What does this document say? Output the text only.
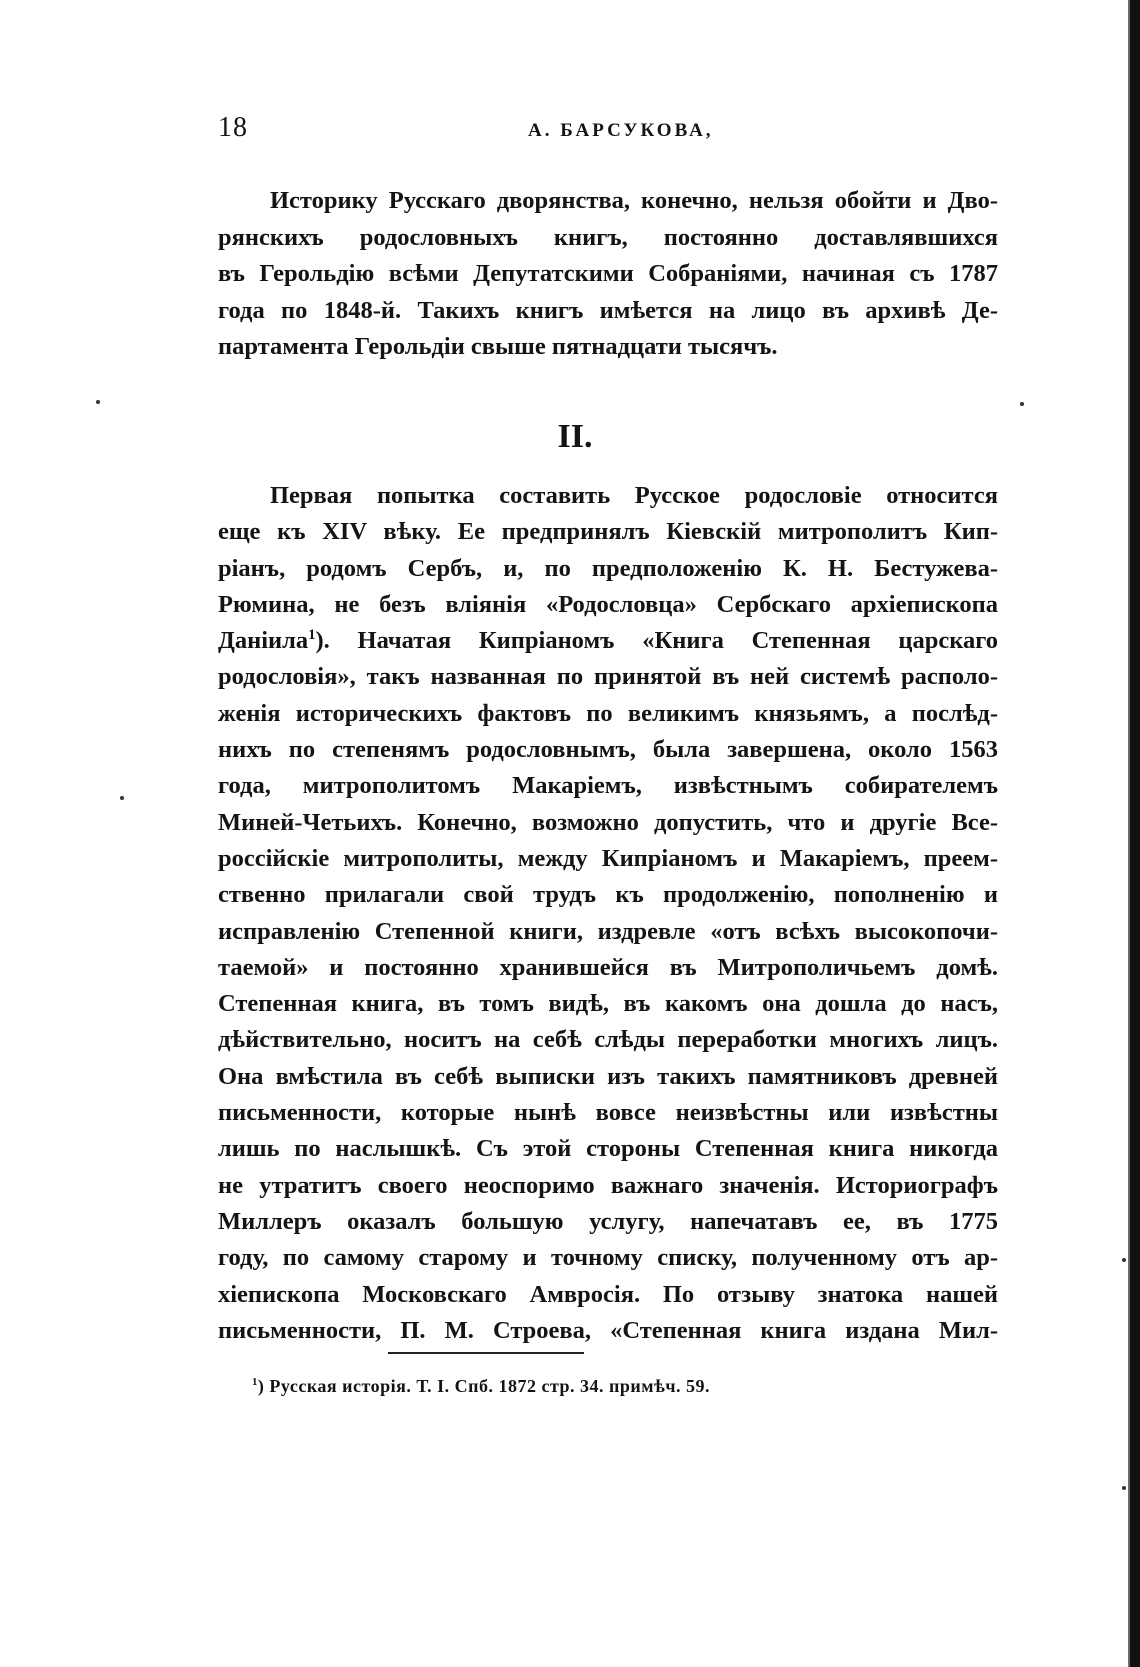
18	А. БАРСУКОВА,
Историку Русскаго дворянства, конечно, нельзя обойти и Дво-
рянскихъ родословныхъ книгъ, постоянно доставлявшихся
въ Герольдію всѣми Депутатскими Собраніями, начиная съ 1787
года по 1848-й. Такихъ книгъ имѣется на лицо въ архивѣ Де-
партамента Герольдіи свыше пятнадцати тысячъ.
II.
Первая попытка составить Русское родословіе относится
еще къ XIV вѣку. Ее предпринялъ Кіевскій митрополитъ Кип-
ріанъ, родомъ Сербъ, и, по предположенію К. Н. Бестужева-
Рюмина, не безъ вліянія «Родословца» Сербскаго архіепископа
Даніила$^1$). Начатая Кипріаномъ «Книга Степенная царскаго
родословія», такъ названная по принятой въ ней системѣ располо-
женія историческихъ фактовъ по великимъ князьямъ, а послѣд-
нихъ по степенямъ родословнымъ, была завершена, около 1563
года, митрополитомъ Макаріемъ, извѣстнымъ собирателемъ
Миней-Четьихъ. Конечно, возможно допустить, что и другіе Все-
россійскіе митрополиты, между Кипріаномъ и Макаріемъ, преем-
ственно прилагали свой трудъ къ продолженію, пополненію и
исправленію Степенной книги, издревле «отъ всѣхъ высокопочи-
таемой» и постоянно хранившейся въ Митрополичьемъ домѣ.
Степенная книга, въ томъ видѣ, въ какомъ она дошла до насъ,
дѣйствительно, носитъ на себѣ слѣды переработки многихъ лицъ.
Она вмѣстила въ себѣ выписки изъ такихъ памятниковъ древней
письменности, которые нынѣ вовсе неизвѣстны или извѣстны
лишь по наслышкѣ. Съ этой стороны Степенная книга никогда
не утратитъ своего неоспоримо важнаго значенія. Историографъ
Миллеръ оказалъ большую услугу, напечатавъ ее, въ 1775
году, по самому старому и точному списку, полученному отъ ар-
хіепископа Московскаго Амвросія. По отзыву знатока нашей
письменности, П. М. Строева, «Степенная книга издана Мил-
$^1$) Русская исторія. Т. I. Спб. 1872 стр. 34. примѣч. 59.
